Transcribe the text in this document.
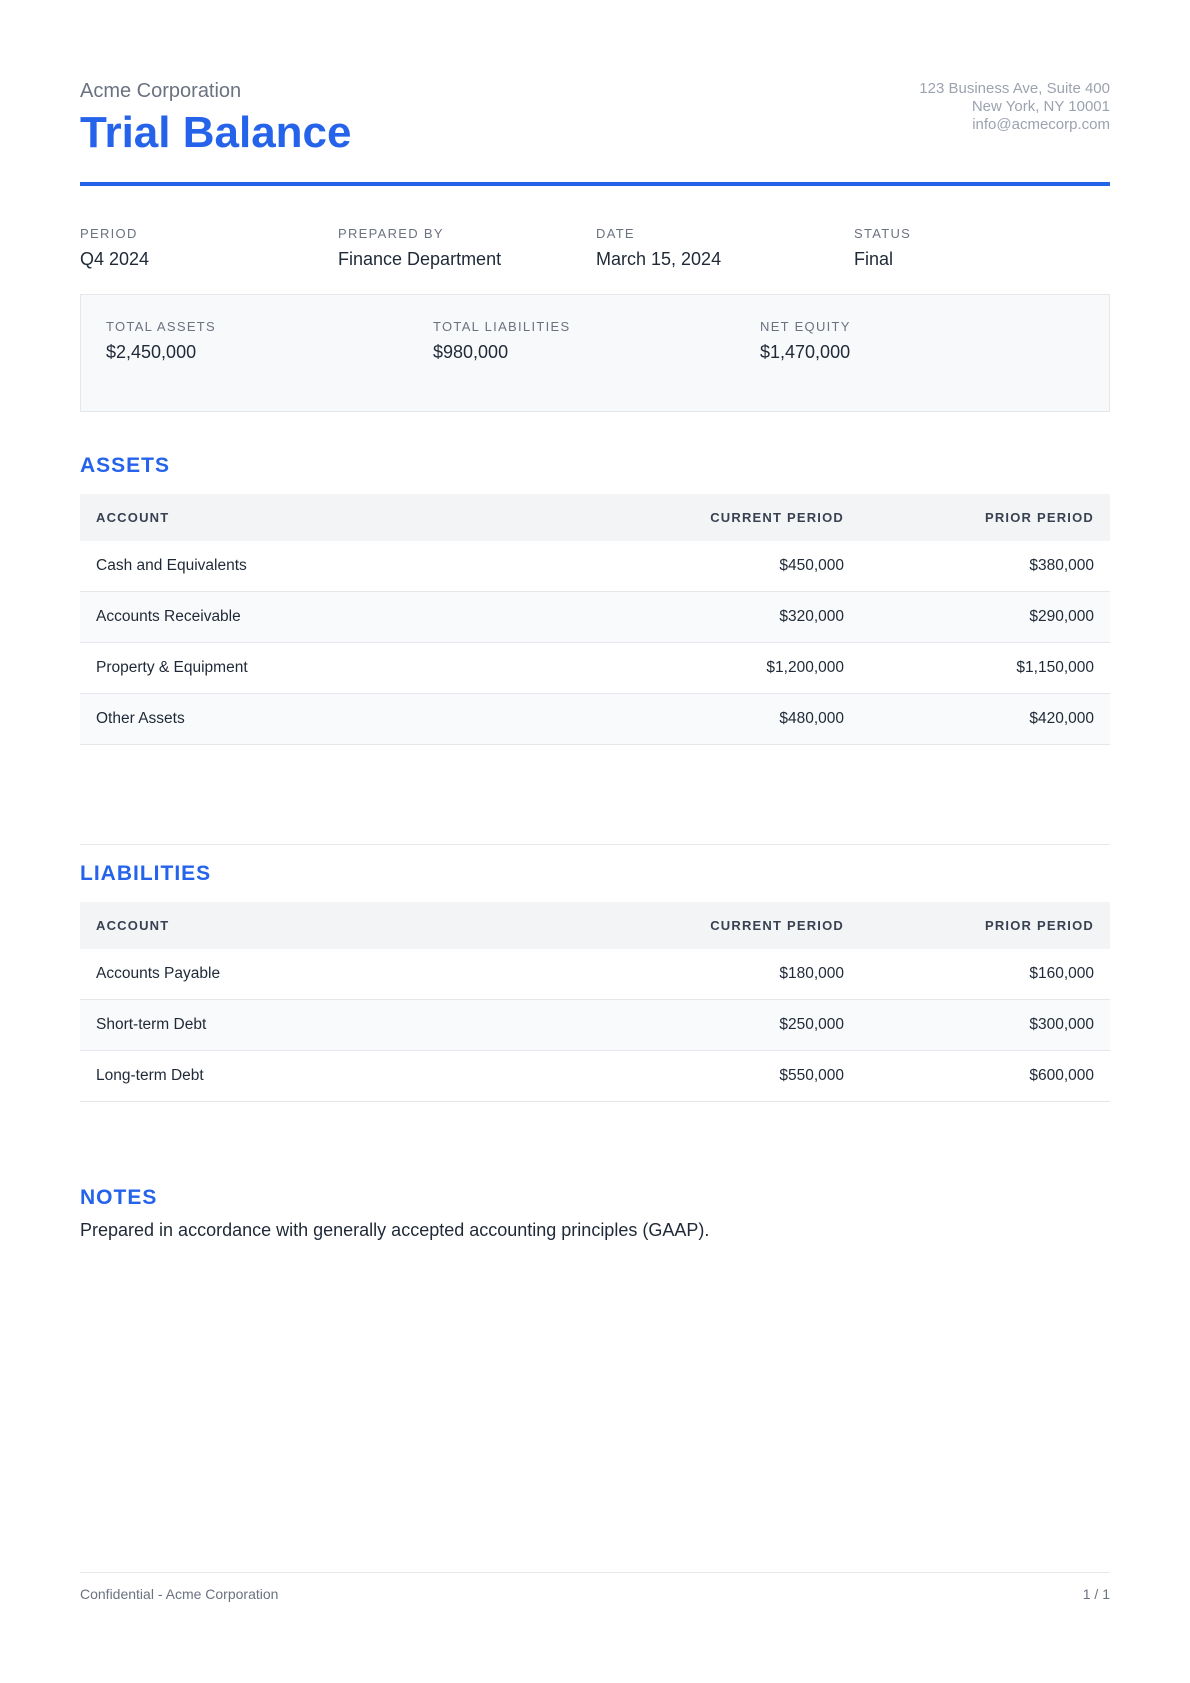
Acme Corporation
Trial Balance
123 Business Ave, Suite 400
New York, NY 10001
info@acmecorp.com
PERIOD
Q4 2024
PREPARED BY
Finance Department
DATE
March 15, 2024
STATUS
Final
TOTAL ASSETS
$2,450,000
TOTAL LIABILITIES
$980,000
NET EQUITY
$1,470,000
ASSETS
ACCOUNT	CURRENT PERIOD	PRIOR PERIOD
Cash and Equivalents	$450,000	$380,000
Accounts Receivable	$320,000	$290,000
Property & Equipment	$1,200,000	$1,150,000
Other Assets	$480,000	$420,000
LIABILITIES
ACCOUNT	CURRENT PERIOD	PRIOR PERIOD
Accounts Payable	$180,000	$160,000
Short-term Debt	$250,000	$300,000
Long-term Debt	$550,000	$600,000
NOTES
Prepared in accordance with generally accepted accounting principles (GAAP).
Confidential - Acme Corporation	1 / 1
